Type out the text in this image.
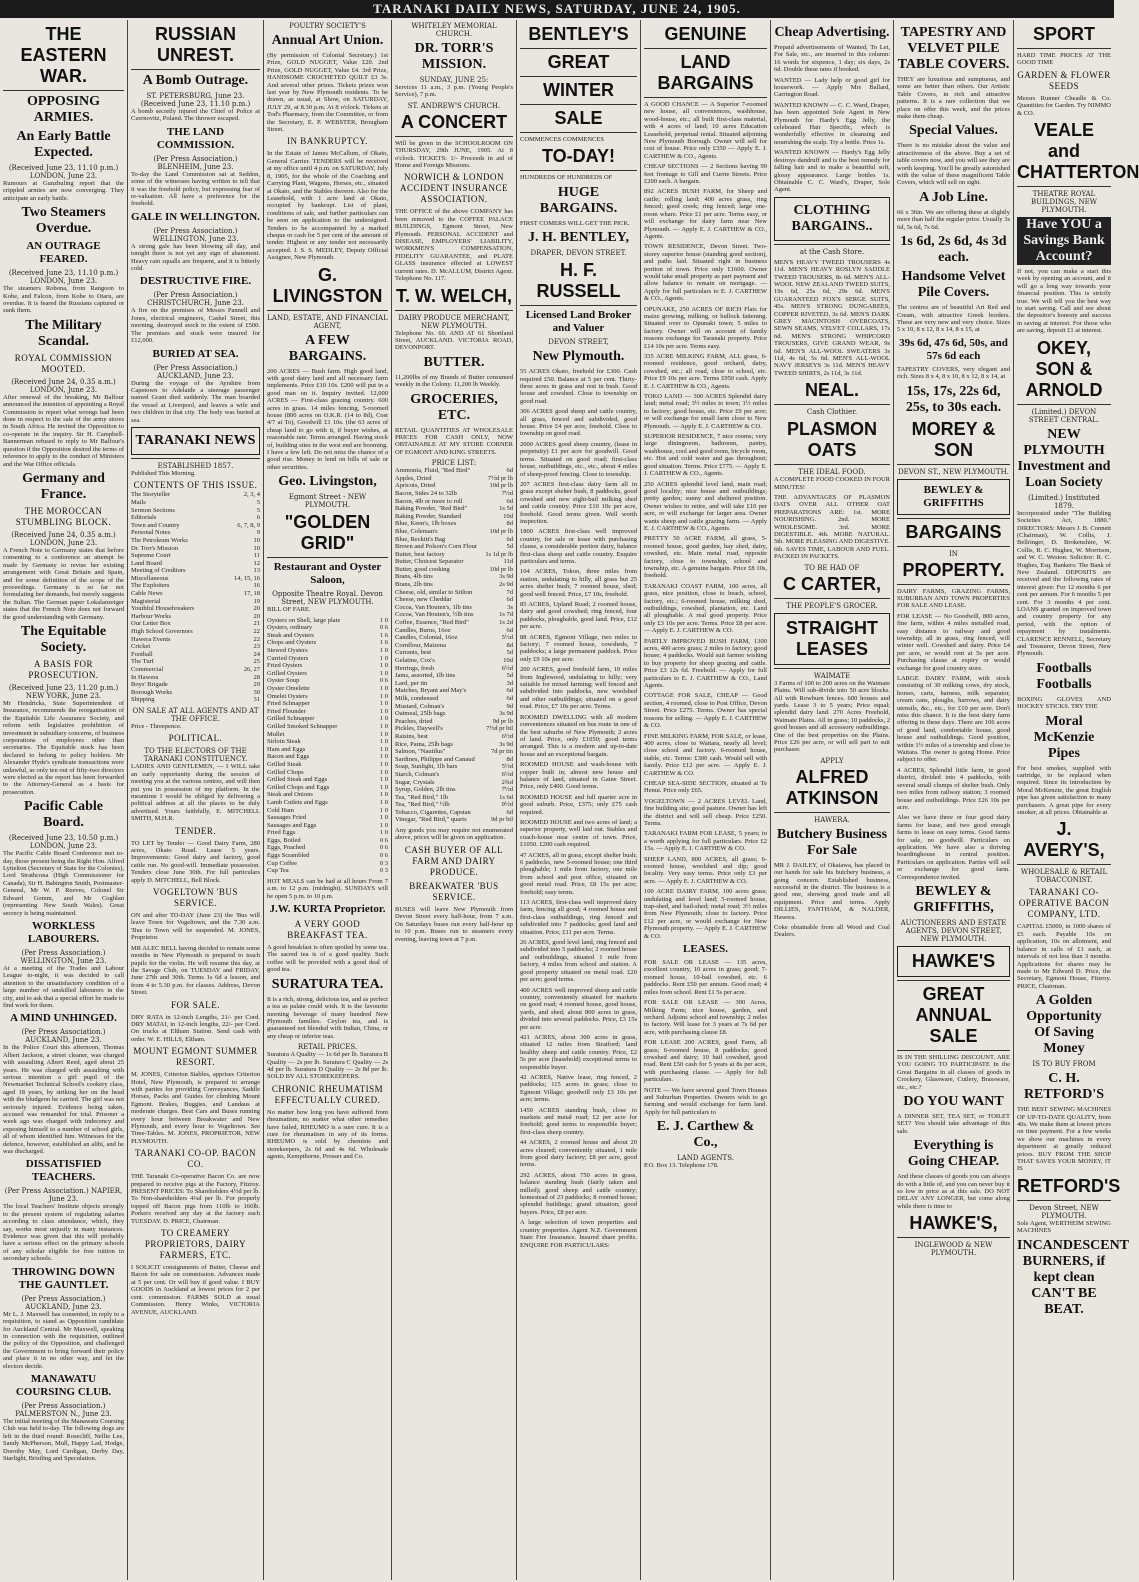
TARANAKI DAILY NEWS, SATURDAY, JUNE 24, 1905.
THE EASTERN WAR.
OPPOSING ARMIES.
An Early Battle Expected.
(Received June 23, 11.10 p.m.) LONDON, June 23.
Rumours at Gunzhuling report that the crippled armies are now converging. They anticipate an early battle.
Two Steamers Overdue.
AN OUTRAGE FEARED.
(Received June 23, 11.10 p.m.) LONDON, June 23.
The steamers Robona, from Rangoon to Kobe, and Falcon, from Kobe to Otaru, are overdue. It is feared the Russians captured or sunk them.
The Military Scandal.
ROYAL COMMISSION MOOTED.
(Received June 24, 0.35 a.m.) LONDON, June 23.
After renewal of the breaking, Mr Balfour announced the intention of appointing a Royal Commission to report what wrongs had been done in respect to the sale of the army stores in South Africa. He invited the Opposition to co-operate in the inquiry. Sir H. Campbell-Bannerman refused to reply to Mr Balfour's question if the Opposition desired the terms of reference to apply to the conduct of Ministers and the War Office officials.
Germany and France.
THE MOROCCAN STUMBLING BLOCK.
(Received June 24, 0.35 a.m.) LONDON, June 23.
A French Note to Germany states that before consenting to a conference an attempt be made by Germany to revise her existing arrangement with Great Britain and Spain, and for some definition of the scope of the proceedings. Germany is so far not formulating her demands, but merely suggests the Sultan. The German paper Lokalanzeiger states that the French Note does not forward the good understanding with Germany.
The Equitable Society.
A BASIS FOR PROSECUTION.
(Received June 23, 11.20 p.m.) NEW YORK, June 23.
Mr Hendricks, State Superintendent of Insurance, recommends the reorganisation of the Equitable Life Assurance Society, and reform with legislative prohibition of investment in subsidiary concerns, of business corporations of employees other than secretaries. The Equitable stock has been declared to belong to policy holders. Mr Alexander Hyde's syndicate transactions were unlawful, as only ten out of fifty-two directors were elected as the report has been forwarded to the Attorney-General as a basis for prosecution.
Pacific Cable Board.
(Received June 23, 10.50 p.m.) LONDON, June 23.
The Pacific Cable Board Conference met to-day, those present being the Right Hon. Alfred Lyttelton (Secretary of State for the Colonies), Lord Strathcona (High Commissioner for Canada), Sir H. Babington Smith, Postmaster-General, Mr W. P. Reeves, Colonel Sir Edward Gomm, and Mr Coghlan (representing New South Wales). Great secrecy is being maintained.
WORKLESS LABOURERS.
(Per Press Association.) WELLINGTON, June 23.
At a meeting of the Trades and Labour League to-night, it was decided to call attention to the unsatisfactory condition of a large number of unskilled labourers in the city, and to ask that a special effort be made to find work for them.
A MIND UNHINGED.
(Per Press Association.) AUCKLAND, June 23.
In the Police Court this afternoon, Thomas Albert Jackson, a street cleaner, was charged with assaulting Albert Reed, aged about 25 years. He was charged with assaulting with serious intention a girl pupil of the Newmarket Technical School's cookery class, aged 18 years, by striking her on the head with the bludgeon he carried. The girl was not seriously injured. Evidence being taken, accused was remanded for trial. Prisoner a week ago was charged with indecency and exposing himself to a number of school girls, all of whom identified him. Witnesses for the defence, however, established an alibi, and he was discharged.
DISSATISFIED TEACHERS.
(Per Press Association.) NAPIER, June 23.
The local Teachers' Institute objects strongly to the present system of regulating salaries according to class attendance, which, they say, works most unjustly in many instances. Evidence was given that this will probably have a serious effect on the primary schools of any scholar eligible for free tuition in secondary schools.
THROWING DOWN THE GAUNTLET.
(Per Press Association.) AUCKLAND, June 23.
Mr L. J. Maxwell has consented, in reply to a requisition, to stand as Opposition candidate for Auckland Central. Mr Maxwell, speaking in connection with the requisition, outlined the policy of the Opposition, and challenged the Government to bring forward their policy and place it in no other way, and let the electors decide.
MANAWATU COURSING CLUB.
(Per Press Association.) PALMERSTON N., June 23.
The initial meeting of the Manawatu Coursing Club was held to-day. The following dogs are left in the third round: Rosecliff, Nellie Lee, Sandy McPherson, Mull, Happy Lad, Hodge, Dorothy May, Lord Cardigan, Derby Day, Starlight, Bristling and Speculation.
RUSSIAN UNREST.
A Bomb Outrage.
ST. PETERSBURG, June 23. (Received June 23, 11.10 p.m.)
A bomb secretly injured the Chief of Police at Czernovitz, Poland. The thrower escaped.
THE LAND COMMISSION.
(Per Press Association.) BLENHEIM, June 23.
To-day the Land Commission sat at Seddon, some of the witnesses having written to tell that it was the freehold policy, but expressing fear of re-valuation. All have a preference for the freehold.
GALE IN WELLINGTON.
(Per Press Association.) WELLINGTON, June 23.
A strong gale has been blowing all day, and tonight there is not yet any sign of abatement. Heavy rain squalls are frequent, and it is bitterly cold.
DESTRUCTIVE FIRE.
(Per Press Association.) CHRISTCHURCH, June 23.
A fire on the premises of Messrs Pannell and Jones, electrical engineers, Cashel Street, this morning, destroyed stock to the extent of £500. The premises and stock were insured for £12,000.
BURIED AT SEA.
(Per Press Association.) AUCKLAND, June 23.
During the voyage of the Ayrshire from Capetown to Adelaide a steerage passenger named Grant died suddenly. The man boarded the vessel at Liverpool, and leaves a wife and two children in that city. The body was buried at sea.
TARANAKI NEWS
ESTABLISHED 1857.
Published This Morning.
CONTENTS OF THIS ISSUE.
The Storyteller	2, 3, 4
Mails	5
Sermon Sections	5
Editorials	6
Town and Country	6, 7, 8, 9
Personal Notes	9
The Petroleum Works	10
Dr. Torr's Mission	10
Supreme Court	11
Land Board	12
Meeting of Creditors	13
Miscellaneous	14, 15, 16
The Exploiters	16
Cable News	17, 18
Magisterial	19
Youthful Housebreakers	20
Harbour Works	20
Our Letter Box	21
High School Governors	22
Hawera Events	22
Cricket	23
Football	24
The Turf	25
Commercial	26, 27
In Hawera	28
Boys' Brigade	29
Borough Works	30
Shipping	31
ON SALE AT ALL AGENTS AND AT THE OFFICE.
Price - Threepence.
POLITICAL.
TO THE ELECTORS OF THE TARANAKI CONSTITUENCY.
LADIES AND GENTLEMEN, — I WILL take an early opportunity during the session of meeting you at the various centres, and will then put you in possession of my platform. In the meantime I would be obliged by delivering a political address at all the places to be duly advertised. Yours faithfully, E. MITCHELL SMITH, M.H.R.
TENDER.
TO LET by Tender — Good Dairy Farm, 280 acres, Okato Road. Lease 5 years. Improvements: Good dairy and factory, good cattle run. No good-will. Immediate possession. Tenders close June 30th. For full particulars apply D. MITCHELL, Bell Block.
VOGELTOWN 'BUS SERVICE.
ON and after TO-DAY (June 23) the 'Bus will leave Town for Vogeltown, and the 7.30 a.m. 'Bus to Town will be suspended. M. JONES, Proprietor.
MR ALEC BELL having decided to remain some months in New Plymouth is prepared to teach pupils for the violin. He will resume this day, at the Savage Club, on TUESDAY and FRIDAY, June 27th and 30th. Terms 1s 6d a lesson, and from 4 to 5.30 p.m. for classes. Address, Devon Street.
FOR SALE.
DRY RATA in 12-inch Lengths, 21/- per Cord. DRY MATAI, in 12-inch lengths, 22/- per Cord. On trucks at Eltham Station. Send cash with order. W. E. HILLS, Eltham.
MOUNT EGMONT SUMMER RESORT.
M. JONES, Criterion Stables, apprises Criterion Hotel, New Plymouth, is prepared to arrange with parties for providing Conveyances, Saddle Horses, Packs and Guides for climbing Mount Egmont. Brakes, Buggies, and Landaus at moderate charges. Best Cars and Buses running every hour between Breakwater and New Plymouth, and every hour to Vogeltown. See Time-Tables. M. JONES, PROPRIETOR, NEW PLYMOUTH.
TARANAKI CO-OP. BACON CO.
THE Taranaki Co-operative Bacon Co. are now prepared to receive pigs at the Factory, Fitzroy. PRESENT PRICES: To Shareholders 4½d per lb. To Non-shareholders 4¼d per lb. For properly topped off Bacon pigs from 110lb to 160lb. Porkers received any day at the factory each TUESDAY. D. PRICE, Chairman.
TO CREAMERY PROPRIETORS, DAIRY FARMERS, ETC.
I SOLICIT consignments of Butter, Cheese and Bacon for sale on commission. Advances made at 5 per cent. Or will buy if good value. I BUY GOODS in Auckland at lowest prices for 2 per cent. commission. FARMS SOLD at usual Commission. Henry Winks, VICTORIA AVENUE, AUCKLAND.
POULTRY SOCIETY'S
Annual Art Union.
(By permission of Colonial Secretary.) 1st Prize, GOLD NUGGET, Value £20. 2nd Prize, GOLD NUGGET, Value £4. 3rd Prize, HANDSOME CROCHETED QUILT £3 3s. And several other prizes. Tickets prizes won last year by New Plymouth residents. To be drawn, as usual, at Show, on SATURDAY, JULY 29, at 8.30 p.m. At 8 o'clock. Tickets at Tod's Pharmacy, from the Committee, or from the Secretary, E. P. WEBSTER, Brougham Street.
IN BANKRUPTCY.
In the Estate of James McCallum, of Okato, General Carrier. TENDERS will be received at my office until 4 p.m. on SATURDAY, July 8, 1905, for the whole of the Coaching and Carrying Plant, Wagons, Horses, etc., situated at Okato, and the Stables thereon. Also for the Leasehold, with 1 acre land at Okato, occupied by bankrupt. List of plant, conditions of sale, and further particulars can be seen on application to the undersigned. Tenders to be accompanied by a marked cheque or cash for 5 per cent of the amount of tender. Highest or any tender not necessarily accepted. J. S. S. MEDLEY, Deputy Official Assignee, New Plymouth.
G. LIVINGSTON
LAND, ESTATE, AND FINANCIAL AGENT,
A FEW BARGAINS.
200 ACRES — Bush farm. High good land, with good dairy land and all necessary farm implements. Price £10 10s. £200 will put in a good man on it. Inquiry invited. 12,000 ACRES — First-class grazing country. 600 acres in grass. 14 miles fencing, 5-roomed house (800 acres on O.K.R. (14 to 8d), Cost 4/7 at To), Goodwill £1 10s. (the 63 acres of cheap land to go with it, if buyer wishes, at reasonable rate. Terms arranged. Having stock of, building sites in the west end are booming. I have a few left. Do not miss the chance of a good rise. Money to lend on bills of sale or other securities.
Geo. Livingston,
Egmont Street - NEW PLYMOUTH.
"GOLDEN GRID"
Restaurant and Oyster Saloon,
Opposite Theatre Royal. Devon Street, NEW PLYMOUTH.
BILL OF FARE.
Oysters on Shell, large plate	1 0
Oysters, ordinary	0 6
Steak and Oysters	1 6
Chops and Oysters	1 6
Stewed Oysters	1 0
Curried Oysters	1 0
Fried Oysters	1 0
Grilled Oysters	1 0
Oyster Soup	0 6
Oyster Omelette	1 0
Omelet Oysters	1 0
Fried Schnapper	1 0
Fried Flounder	1 0
Grilled Schnapper	1 0
Grilled Smoked Schnapper	1 0
Mullet	1 0
Sirloin Steak	1 0
Ham and Eggs	1 0
Bacon and Eggs	1 0
Grilled Steak	1 0
Grilled Chops	1 0
Grilled Steak and Eggs	1 0
Grilled Chops and Eggs	1 0
Steak and Onions	1 0
Lamb Cutlets and Eggs	1 0
Cold Ham	1 0
Sausages Fried	1 0
Sausages and Eggs	1 0
Fried Eggs	1 0
Eggs, Boiled	0 6
Eggs, Poached	0 6
Eggs Scrambled	0 6
Cup Coffee	0 3
Cup Tea	0 3
HOT MEALS can be had at all hours From 7 a.m. to 12 p.m. (midnight). SUNDAYS will be open 5 p.m. to 10 p.m.
J.W. KURTA Proprietor.
A VERY GOOD BREAKFAST TEA.
A good breakfast is often spoiled by some tea. The sacred tea is of a good quality. Such coffee will be provided with a good deal of good tea.
SURATURA TEA.
It is a rich, strong, delicious tea, and as perfect a tea as palate could wish. It is the favourite morning beverage of many hundred New Plymouth families. Ceylon tea, and is guaranteed not blended with Indian, China, or any cheap or inferior teas.
RETAIL PRICES.
Suratura A Quality — 1s 6d per lb. Suratura B Quality — 2s per lb. Suratura C Quality — 2s 4d per lb. Suratura D Quality — 2s 8d per lb. SOLD BY ALL STOREKEEPERS.
CHRONIC RHEUMATISM EFFECTUALLY CURED.
No matter how long you have suffered from rheumatism, no matter what other remedies have failed, RHEUMO is a sure cure. It is a cure for rheumatism in any of its forms. RHEUMO is sold by chemists and storekeepers, 2s 6d and 4s 6d. Wholesale agents, Kempthorne, Prosser and Co.
WHITELEY MEMORIAL CHURCH.
DR. TORR'S MISSION.
SUNDAY, JUNE 25:
Services 11 a.m., 3 p.m. (Young People's Service), 7 p.m.
ST. ANDREW'S CHURCH.
A CONCERT
Will be given in the SCHOOLROOM ON THURSDAY, 29th JUNE, 1905. At 8 o'clock. TICKETS: 1/- Proceeds in aid of Home and Foreign Missions.
NORWICH & LONDON ACCIDENT INSURANCE ASSOCIATION.
THE OFFICE of the above COMPANY has been removed to the COFFEE PALACE BUILDINGS, Egmont Street, New Plymouth. PERSONAL ACCIDENT and DISEASE, EMPLOYERS' LIABILITY, WORKMEN'S COMPENSATION, FIDELITY GUARANTEE, and PLATE GLASS insurance effected at LOWEST current rates. D. McALLUM, District Agent. Telephone No. 117.
T. W. WELCH,
DAIRY PRODUCE MERCHANT, NEW PLYMOUTH.
Telephone No. 60. AND AT 61 Shortland Street, AUCKLAND. VICTORIA ROAD, DEVONPORT.
BUTTER.
11,200lbs of my Brands of Butter consumed weekly in the Colony. 11,200 lb Weekly.
GROCERIES, ETC.
RETAIL QUANTITIES AT WHOLESALE PRICES FOR CASH ONLY, NOW OBTAINABLE AT MY STORE CORNER OF EGMONT AND KING STREETS.
PRICE LIST:
Ammonia, Fluid, "Red Bird"	6d
Apples, Dried	7½d pr lb
Apricots, Dried	10d pr lb
Bacon, Sides 24 to 32lb	7½d
Bacon, 4lb or more to roll	6d
Baking Powder, "Red Bird"	1s 5d
Baking Powder, Standard	10d
Blue, Keen's, 1lb boxes	8d
Blue, Coleman's	10d pr lb
Blue, Reckitt's Bag	6d
Brown and Polson's Corn Flour	5d
Butter, best factory	1s 1d pr lb
Butter, Choicest Separator	11d
Butter, good cooking	10d pr lb
Brans, 4lb tins	3s 9d
Brans, 2lb tins	2s 9d
Cheese, old, similar to Stilton	7d
Cheese, new Cheddar	6d
Cocoa, Van Houten's, 1lb tins	3s
Cocoa, Van Houten's, ½lb tins	1s 7d
Coffee, Essence, "Red Bird"	1s 2d
Candles, Burns, 16oz	6d
Candles, Colonial, 16oz	5½d
Cornflour, Maizena	8d
Currants, best	5d
Gelatine, Cox's	10d
Herrings, fresh	6½d
Jams, assorted, 1lb tins	5d
Lard, per tin	3d
Matches, Bryant and May's	6d
Milk, condensed	6d
Mustard, Colman's	9d
Oatmeal, 25lb bags	3s 9d
Peaches, dried	9d pr lb
Pickles, Daywell's	7½d pr btl
Raisins, best	6½d
Rice, Patna, 25lb bags	3s 9d
Salmon, "Nautilus"	7d pr tin
Sardines, Philippe and Canaud	8d
Soap, Sunlight, 1lb bars	5½d
Starch, Colman's	6½d
Sugar, Crystals	2¾d
Syrup, Golden, 2lb tins	7½d
Tea, "Red Bird," 1lb	1s 6d
Tea, "Red Bird," ½lb	9½d
Tobacco, Cigarettes, Capstan	6d
Vinegar, "Red Bird," quarts	9d pr btl
Any goods you may require not enumerated above, prices will be given on application.
CASH BUYER OF ALL FARM AND DAIRY PRODUCE.
BREAKWATER 'BUS SERVICE.
BUSES will leave New Plymouth from Devon Street every half-hour, from 7 a.m. On Saturdays buses run every half-hour up to 10 p.m. Buses run to steamers every evening, leaving town at 7 p.m.
BENTLEY'S
GREAT
WINTER
SALE
COMMENCES COMMENCES
TO-DAY!
HUNDREDS OF HUNDREDS OF
HUGE BARGAINS.
FIRST COMERS WILL GET THE PICK.
J. H. BENTLEY,
DRAPER, DEVON STREET.
H. F. RUSSELL
Licensed Land Broker and Valuer
DEVON STREET,
New Plymouth.
55 ACRES Okato, freehold for £300. Cash required £50. Balance at 5 per cent. Thirty-three acres in grass and rest in bush. Good house and cowshed. Close to township on good road.
306 ACRES good sheep and cattle country, all grass, fenced and subdivided, good house. Price £4 per acre, freehold. Close to township on good road.
2000 ACRES good sheep country, (lease in perpetuity) £1 per acre for goodwill. Good terms. Situated on good road; first-class house, outbuildings, etc., etc., about 4 miles of sheep-proof fencing. Close to township.
207 ACRES first-class dairy farm all in grass except shelter bush, 8 paddocks, good cowshed and new eight-bail milking shed and cattle country. Price £10 10s per acre, freehold. Good terms given. Well worth inspection.
1800 ACRES first-class well improved country, for sale or lease with purchasing clause, a considerable portion dairy, balance first-class sheep and cattle country. Enquire particulars and terms.
104 ACRES, Tokoo, three miles from station, undulating to hilly, all grass but 25 acres shelter bush; 7 roomed house, shed; good well fenced. Price, £7 10s, freehold.
85 ACRES, Upland Road; 2 roomed house, dairy and good cowshed; ring fenced, four paddocks, ploughable, good land. Price, £12 per acre.
88 ACRES, Egmont Village, two miles to factory; 7 roomed house, cowsheds, 7 paddocks; a large permanent paddock. Price only £9 10s per acre.
200 ACRES, good freehold farm, 10 miles from Inglewood, undulating to hilly; very suitable for mixed farming; well fenced and subdivided into paddocks, new woolshed and other outbuildings; situated on a good road. Price, £7 10s per acre. Terms.
ROOMED DWELLING with all modern conveniences situated on bus route in one of the best suburbs of New Plymouth; 2 acres of land. Price, only £1050; good terms arranged. This is a modern and up-to-date house and an exceptional bargain.
ROOMED HOUSE and wash-house with copper built in; almost new house and balance of land, situated in Gaine Street. Price, only £400. Good terms.
ROOMED HOUSE and full quarter acre in good suburb. Price, £375; only £75 cash required.
ROOMED HOUSE and two acres of land; a superior property, well laid out. Stables and coach-house near centre of town. Price, £1050. £200 cash required.
47 ACRES, all in grass, except shelter bush; 6 paddocks, new 5-roomed house; one third ploughable; 1 mile from factory, one mile from school and post office, situated on good metal road. Price, £8 15s per acre; freehold; easy terms.
113 ACRES, first-class well improved dairy farm, fencing all good; 4 roomed house and first-class outbuildings, ring fenced and subdivided into 7 paddocks; good land and situation. Price, £11 per acre. Terms.
26 ACRES, good level land, ring fenced and subdivided into 5 paddocks; 2 roomed house and outbuildings, situated 1 mile from factory, 4 miles from school and station. A good property situated on metal road. £20 per acre; good terms.
400 ACRES well improved sheep and cattle country, conveniently situated for markets on good road; 4 roomed house, good house, yards, and shed; about 800 acres in grass, divided into several paddocks. Price, £3 15s per acre.
421 ACRES, about 300 acres in grass, situated 12 miles from Stratford; land healthy sheep and cattle country. Price, £2 5s per acre (leasehold) exceptional terms to responsible buyer.
42 ACRES, Native lease, ring fenced, 2 paddocks; 115 acres in grass; close to Egmont Village; goodwill only £3 10s per acre; terms.
1450 ACRES standing bush, close to markets and metal road; £2 per acre for freehold; good terms to responsible buyer; first-class sheep country.
44 ACRES, 2 roomed house and about 20 acres cleared; conveniently situated, 1 mile from good dairy factory; £8 per acre, good terms.
292 ACRES, about 750 acres in grass, balance standing bush (fairly taken and milled); good sheep and cattle country; homestead of 23 paddocks; 8 roomed house; splendid buildings; grand situation; good buyers. Price, £8 per acre.
A large selection of town properties and country properties. Agent N.Z. Government State Fire Insurance. Insured share profits. ENQUIRE FOR PARTICULARS:
GENUINE
LAND BARGAINS
A GOOD CHANCE — A Superior 7-roomed new house, all conveniences, washhouse, wood-house, etc.; all built first-class material, with 4 acres of land; 10 acres Education Leasehold, perpetual rental. Situated adjoining New Plymouth Borough. Owner will sell for cost of house. Price only £350 — Apply E. J. CARTHEW & CO., Agents.
CHEAP SECTIONS — 2 Sections having 99 feet frontage to Gill and Currie Streets. Price £200 each. A bargain.
892 ACRES BUSH FARM, for Sheep and cattle; rolling land; 400 acres grass, ring fenced; good creek; ring fenced; large one-room whare. Price £1 per acre. Terms easy, or will exchange for dairy farm near New Plymouth. — Apply E. J. CARTHEW & CO., Agents.
TOWN RESIDENCE, Devon Street. Two-storey superior house (standing good section), and paths laid. Situated right in business portion of town. Price only £1600. Owner would take small property as part payment and allow balance to remain on mortgage. — Apply for full particulars to E. J. CARTHEW & CO., Agents.
OPUNAKE, 250 ACRES OF RICH Flats for maize growing, milking, or bullock fattening. Situated over to Opunaki town; 5 miles to factory. Owner will on account of family reasons exchange for Taranaki property. Price £14 10s per acre. Terms easy.
335 ACRE MILKING FARM, ALL grass, 6-roomed residence, good orchard, dairy, cowshed, etc.; all road, close to school, etc. Price £9 10s per acre. Terms £950 cash. Apply E. J. CARTHEW & CO., Agents.
TOKO LAND — 300 ACRES Splendid dairy land; metal road; 3½ miles to town; 1½ miles to factory; good house, etc. Price £9 per acre; or will exchange for small farm close to New Plymouth. — Apply E. J. CARTHEW & CO.
SUPERIOR RESIDENCE, 7 nice rooms; very large diningroom, bathroom, pantry, washhouse, cool and good room, bicycle room, etc. Hot and cold water and gas throughout; good situation. Terms. Price £775. — Apply E. J. CARTHEW & CO., Agents.
250 ACRES splendid level land, main road; good locality; nice house and outbuildings; pretty garden; sunny and sheltered position. Owner wishes to retire, and will take £10 per acre, or will exchange for larger area. Owner wants sheep and cattle grazing farm. — Apply E. J. CARTHEW & CO., Agents.
PRETTY 50 ACRE FARM, all grass, 5-roomed house, good garden, hay shed, dairy, cowshed, etc. Main metal road, opposite factory, close to township, school and township, etc. A genuine bargain. Price £8 10s, freehold.
TARANAKI COAST FARM, 100 acres, all grass, nice position, close to beach, school, factory, etc.; 6-roomed house, milking shed, outbuildings, cowshed, plantation, etc. Land all ploughable. A real good property. Price only £3 10s per acre. Terms. Price £8 per acre. — Apply E. J. CARTHEW & CO.
PARTLY IMPROVED BUSH FARM, 1300 acres, 400 acres grass; 2 miles to factory; good house; 4 paddocks. Would suit farmer wishing to buy property for sheep grazing and cattle. Price £3 12s 6d. Freehold. — Apply for full particulars to E. J. CARTHEW & CO., Land Agents.
COTTAGE FOR SALE, CHEAP — Good section, 4 roomed, close to Post Office, Devon Street. Price £275. Terms. Owner has special reasons for selling. — Apply E. J. CARTHEW & CO.
FINE MILKING FARM, FOR SALE, or lease, 400 acres, close to Waitara, nearly all level; close school and factory. 6-roomed house, stable, etc. Terms: £300 cash. Would sell with family. Price £12 per acre. — Apply E. J. CARTHEW & CO.
CHEAP SEA-SIDE SECTION, situated at Te Henui. Price only £65.
VOGELTOWN — 2 ACRES LEVEL Land, fine building site; good pasture. Owner has left the district and will sell cheap. Price £250. Terms.
TARANAKI FARM FOR LEASE, 5 years; to a worth applying for full particulars. Price £2 15s. — Apply E. J. CARTHEW & CO.
SHEEP LAND, 800 ACRES, all grass; 6-roomed house, woolshed and dip; good locality. Very easy terms. Price only £3 per acre. — Apply E. J. CARTHEW & CO.
100 ACRE DAIRY FARM, 100 acres grass; undulating and level land; 5-roomed house, trap-shed, and bail-shed; metal road; 3½ miles from New Plymouth; close to factory. Price £12 per acre, or would exchange for New Plymouth property. — Apply E. J. CARTHEW & CO.
LEASES.
FOR SALE OR LEASE — 135 acres, excellent country, 10 acres in grass; good; 7-roomed house, 10-bail cowshed, etc. 6 paddocks. Rent £50 per annum. Good road; 4 miles from school. Rent £1 5s per acre.
FOR SALE OR LEASE — 300 Acres, Milking Farm; nice house, garden, and orchard. Adjoins school and township; 2 miles to factory. Will lease for 3 years at 7s 6d per acre, with purchasing clause £8.
FOR LEASE 200 ACRES, good Farm, all grass; 6-roomed house, 8 paddocks; good cowshed and dairy; 10 bail cowshed, good road. Rent £50 cash for 5 years at 8s per acre, with purchasing clause. — Apply for full particulars.
NOTE — We have several good Town Houses and Suburban Properties. Owners wish to go farming and would exchange for farm land. Apply for full particulars to
E. J. Carthew & Co.,
LAND AGENTS.
P.O. Box 13. Telephone 178.
Cheap Advertising.
Prepaid advertisements of Wanted, To Let, For Sale, etc., are inserted in this column: 16 words for sixpence, 1 day; six days, 2s 6d. Double these rates if booked.
WANTED — Lady help or good girl for housework. — Apply Mrs Ballard, Carrington Road.
WANTED KNOWN — C. C. Ward, Draper, has been appointed Sole Agent in New Plymouth for Hardy's Egg Jelly, the celebrated Hair Specific, which is wonderfully effective in cleansing and nourishing the scalp. Try a bottle. Price 1s.
WANTED KNOWN — Hardy's Egg Jelly destroys dandruff and is the best remedy for falling hair and to make a beautiful soft, glossy appearance. Large bottles 1s. Obtainable C. C. Ward's, Draper, Sole Agent.
CLOTHING BARGAINS..
at the Cash Store.
MEN'S HEAVY TWEED TROUSERS 4s 11d. MEN'S HEAVY ROSLYN SADDLE TWEED TROUSERS, 8s 6d. MEN'S ALL-WOOL NEW ZEALAND TWEED SUITS, 19s 6d, 25s 6d, 29s 6d. MEN'S GUARANTEED FOX'S SERGE SUITS, 45s. MEN'S STRONG DUNGAREES, COPPER RIVETED, 3s 6d. MEN'S DARK GREY MACINTOSH OVERCOATS, SEWN SEAMS, VELVET COLLARS, 17s 6d. MEN'S STRONG WHIPCORD TROUSERS, GIVE GRAND WEAR, 9s 6d. MEN'S ALL-WOOL SWEATERS 3s 11d, 4s 6d, 5s 6d. MEN'S ALL-WOOL NAVY JERSEYS 3s 11d. MEN'S HEAVY TWEED SHIRTS, 2s 11d, 3s 11d.
NEAL.
Cash Clothier.
PLASMON OATS
THE IDEAL FOOD.
A COMPLETE FOOD COOKED IN FOUR MINUTES!
THE ADVANTAGES OF PLASMON OATS OVER ALL OTHER OAT PREPARATIONS ARE: 1st. MORE NOURISHING. 2nd. MORE WHOLESOME. 3rd. MORE DIGESTIBLE. 4th. MORE NATURAL. 5th. MORE PLEASING AND DIGESTIVE. 6th. SAVES TIME, LABOUR AND FUEL. PACKED IN PACKETS.
TO BE HAD OF
C CARTER,
THE PEOPLE'S GROCER.
STRAIGHT LEASES
WAIMATE
3 Farms of 100 to 200 acres on the Waimate Plains. Will sub-divide into 50 acre blocks. All with Rowburn fences. 600 houses and yards. Lease 3 to 5 years; Price equal; splendid dairy land. 270 Acres Freehold, Waimate Plains. All in grass; 10 paddocks, 2 good houses and all accessory outbuildings. One of the best properties on the Plains. Price £26 per acre, or will sell part to suit purchaser.
APPLY
ALFRED ATKINSON
HAWERA.
Butchery Business For Sale
MR J. DAILEY, of Okaiawa, has placed in our hands for sale his butchery business, a going concern. Established business, successful in the district. The business is a good one, showing good trade and all equipment. Price and terms. Apply DILLIES, FANTHAM, & NALDER, Hawera.
Coke obtainable from all Wood and Coal Dealers.
TAPESTRY AND VELVET PILE TABLE COVERS.
THEY are luxurious and sumptuous, and some are better than others. Our Artistic Table Covers, in rich and attractive patterns. It is a rare collection that we place on offer this week, and the prices make them cheap.
Special Values.
There is no mistake about the value and attractiveness of the above. Buy a set of table covers now, and you will see they are worth keeping. You'll be greatly astonished with the value of these magnificent Table Covers, which will sell on sight.
A Job Line.
66 x 36in. We are offering these at slightly more than half the regular price. Usually 3s 6d, 5s 6d, 7s 6d.
1s 6d, 2s 6d, 4s 3d each.
Handsome Velvet Pile Covers.
The centres are of beautiful Art Red and Cream, with attractive Greek borders. These are very new and very choice. Sizes 5 x 10, 8 x 12, 8 x 14, 8 x 15, at
39s 6d, 47s 6d, 50s, and 57s 6d each
TAPESTRY COVERS, very elegant and rich. Sizes 8 x 4, 8 x 10, 8 x 12, 8 x 14, at
15s, 17s, 22s 6d, 25s, to 30s each.
MOREY & SON
DEVON ST., NEW PLYMOUTH.
BEWLEY & GRIFFITHS
BARGAINS
IN
PROPERTY.
DAIRY FARMS, GRAZING FARMS, SUBURBAN AND TOWN PROPERTIES FOR SALE AND LEASE.
FOR LEASE — No Goodwill, 800 acres, fine farm, within 4 miles metalled road, easy distance to railway and good township; all in grass, ring fenced, will winter well. Cowshed and dairy. Price £4 per acre, or would rent at 5s per acre. Purchasing clause at expiry or would exchange for good country store.
LARGE DAIRY FARM, with stock consisting of 30 milking cows, dry stock, horses, carts, harness, milk separator, cream cans, ploughs, harrows, and dairy utensils, &c., etc., for £10 per acre. Don't miss this chance. It is the best dairy farm offering in these days. There are 106 acres of good land, comfortable house, good house and outbuildings. Good position, within 1½ miles of a township and close to Waitara. The owner is going Home. Price subject to offer.
4 ACRES, Splendid little farm, in good district, divided into 4 paddocks, with several small clumps of shelter bush. Only two miles from railway station; 3 roomed house and outbuildings. Price £26 10s per acre.
Also we have three or four good dairy farms for lease, and two good enough farms to lease on easy terms. Good farms for sale, no goodwill. Particulars on application. We have also a thriving boardinghouse in central position. Particulars on application. Parties will sell or exchange for good farm. Correspondence invited.
BEWLEY & GRIFFITHS,
AUCTIONEERS AND ESTATE AGENTS, DEVON STREET, NEW PLYMOUTH.
HAWKE'S
GREAT ANNUAL SALE
IS IN THE SHILLING DISCOUNT. ARE YOU GOING TO PARTICIPATE In the Great Bargains in all classes of goods in Crockery, Glassware, Cutlery, Brassware, etc., etc.?
DO YOU WANT
A DINNER SET, TEA SET, or TOILET SET? You should take advantage of this sale.
Everything is Going CHEAP.
And these classes of goods you can always do with a little of, and you can never buy it so low in price as at this sale. DO NOT DELAY ANY LONGER, but come along while there is time to
HAWKE'S,
INGLEWOOD & NEW PLYMOUTH.
SPORT
HARD TIME PRICES AT THE GOOD TIME
GARDEN & FLOWER SEEDS
Messrs Runner Cheadle & Co. Quantities for Garden. Try NIMMO & CO.
VEALE and CHATTERTON
THEATRE ROYAL BUILDINGS, NEW PLYMOUTH.
Have YOU a Savings Bank Account?
If not, you can make a start this week by opening an account, and it will go a long way towards your financial position. This is strictly true. We will tell you the best way to start saving. Call and see about the depositor's honesty and success in saving at interest. For those who are saving, deposit £1 at interest.
OKEY, SON & ARNOLD
(Limited.) DEVON STREET CENTRAL.
NEW PLYMOUTH Investment and Loan Society
(Limited.) Instituted 1879.
Incorporated under "The Building Societies Act, 1880." DIRECTORS: Messrs J. B. Connett (Chairman), W. Collis, J. Bellringer, D. Brokenshire, W. Collis, R. C. Hughes, W. Morrison, and W. C. Weston. Solicitor: R. C. Hughes, Esq. Bankers: The Bank of New Zealand. DEPOSITS are received and the following rates of interest given: For 12 months 6 per cent per annum. For 6 months 5 per cent. For 3 months 4 per cent. LOANS granted on improved town and country property for any period, with the option of repayment by instalments. CLARENCE RENNELL, Secretary and Treasurer, Devon Street, New Plymouth.
Footballs Footballs
BOXING GLOVES AND HOCKEY STICKS. TRY THE
Moral McKenzie Pipes
For best smokes, supplied with cartridge, to be replaced when required. Since its introduction by Moral McKenzie, the great English pipe has given satisfaction to many purchasers. A great pipe for every smoker, at all prices. Obtainable at
J. AVERY'S,
WHOLESALE & RETAIL TOBACCONIST.
TARANAKI CO-OPERATIVE BACON COMPANY, LTD.
CAPITAL £5000, in 1000 shares of £5 each. Payable 10s on application, 10s on allotment, and balance in calls of £1 each, at intervals of not less than 3 months. Applications for shares may be made to Mr Edward D. Price, the Secretary, Egmont House, Fitzroy. PRICE, Chairman.
A Golden Opportunity Of Saving Money
IS TO BUY FROM
C. H. RETFORD'S
THE BEST SEWING MACHINES OF UP-TO-DATE QUALITY, from 40s. We make them at lowest prices on time payment. For a few weeks we show our machines in every department at greatly reduced prices. BUY FROM THE SHOP THAT SAVES YOUR MONEY, IT IS
RETFORD'S
Devon Street, NEW PLYMOUTH.
Sole Agent, WERTHEIM SEWING MACHINES
INCANDESCENT BURNERS, if kept clean CAN'T BE BEAT.
